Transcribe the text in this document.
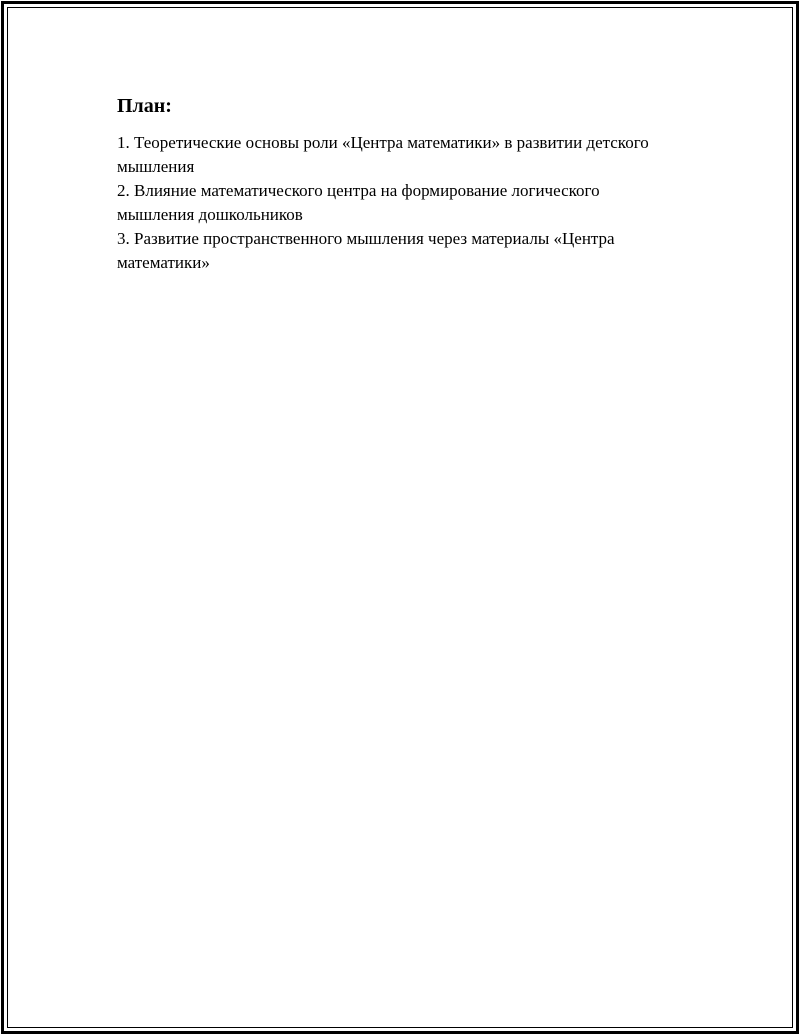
План:
1. Теоретические основы роли «Центра математики» в развитии детского мышления
2. Влияние математического центра на формирование логического мышления дошкольников
3. Развитие пространственного мышления через материалы «Центра математики»
